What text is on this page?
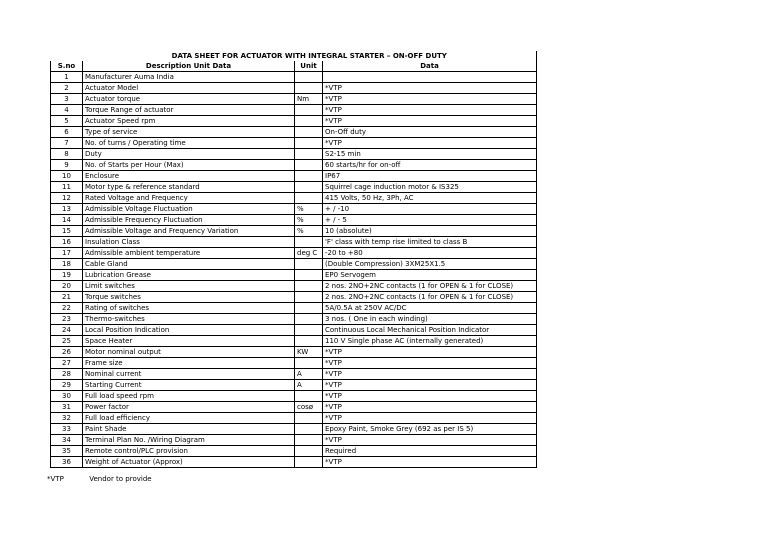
	DATA SHEET FOR ACTUATOR WITH INTEGRAL STARTER – ON-OFF DUTY		
S.no	Description Unit Data	Unit	Data
1	Manufacturer Auma India		
2	Actuator Model		*VTP
3	Actuator torque	Nm	*VTP
4	Torque Range of actuator		*VTP
5	Actuator Speed rpm		*VTP
6	Type of service		On-Off duty
7	No. of turns / Operating time		*VTP
8	Duty		S2-15 min
9	No. of Starts per Hour (Max)		60 starts/hr for on-off
10	Enclosure		IP67
11	Motor type & reference standard		Squirrel cage induction motor & IS325
12	Rated Voltage and Frequency		415 Volts, 50 Hz, 3Ph, AC
13	Admissible Voltage Fluctuation	%	+ / -10
14	Admissible Frequency Fluctuation	%	+ / - 5
15	Admissible Voltage and Frequency Variation	%	10 (absolute)
16	Insulation Class		'F' class with temp rise limited to class B
17	Admissible ambient temperature	deg C	-20 to +80
18	Cable Gland		(Double Compression) 3XM25X1.5
19	Lubrication Grease		EP0 Servogem
20	Limit switches		2 nos. 2NO+2NC contacts (1 for OPEN & 1 for CLOSE)
21	Torque switches		2 nos. 2NO+2NC contacts (1 for OPEN & 1 for CLOSE)
22	Rating of switches		5A/0.5A at 250V AC/DC
23	Thermo-switches		3 nos. ( One in each winding)
24	Local Position Indication		Continuous Local Mechanical Position Indicator
25	Space Heater		110 V Single phase AC (internally generated)
26	Motor nominal output	KW	*VTP
27	Frame size		*VTP
28	Nominal current	A	*VTP
29	Starting Current	A	*VTP
30	Full load speed rpm		*VTP
31	Power factor	cosø	*VTP
32	Full load efficiency		*VTP
33	Paint Shade		Epoxy Paint, Smoke Grey (692 as per IS 5)
34	Terminal Plan No. /Wiring Diagram		*VTP
35	Remote control/PLC provision		Required
36	Weight of Actuator (Approx)		*VTP
*VTP	Vendor to provide
